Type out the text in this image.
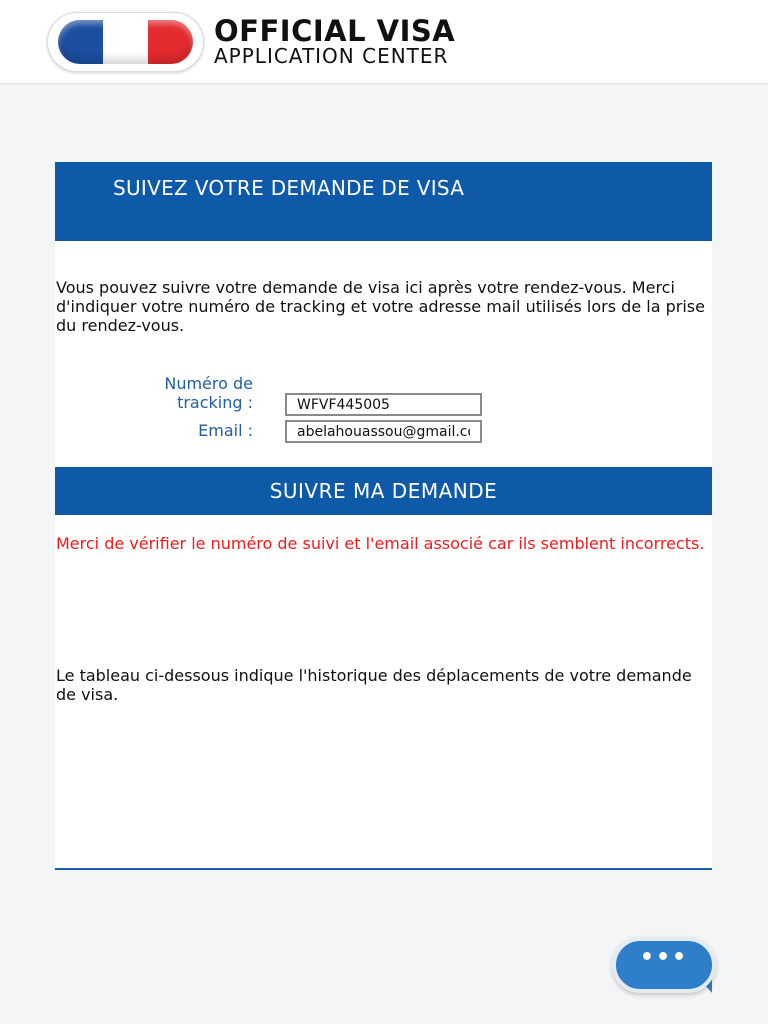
OFFICIAL VISA
APPLICATION CENTER
SUIVEZ VOTRE DEMANDE DE VISA

Vous pouvez suivre votre demande de visa ici après votre rendez-vous. Merci d'indiquer votre numéro de tracking et votre adresse mail utilisés lors de la prise du rendez-vous.

Numéro de tracking :
WFVF445005
Email :
abelahouassou@gmail.com
SUIVRE MA DEMANDE

Merci de vérifier le numéro de suivi et l'email associé car ils semblent incorrects.

Le tableau ci-dessous indique l'historique des déplacements de votre demande de visa.

•••
